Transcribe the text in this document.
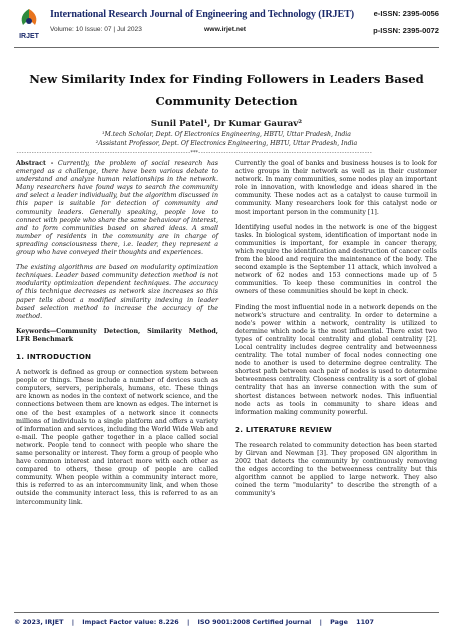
IRJET
International Research Journal of Engineering and Technology (IRJET)	e-ISSN: 2395-0056
Volume: 10 Issue: 07 | Jul 2023	www.irjet.net	p-ISSN: 2395-0072
New Similarity Index for Finding Followers in Leaders Based
Community Detection
Sunil Patel¹, Dr Kumar Gaurav²
¹M.tech Scholar, Dept. Of Electronics Engineering, HBTU, Uttar Pradesh, India
²Assistant Professor, Dept. Of Electronics Engineering, HBTU, Uttar Pradesh, India
---------------------------------------------------------------------***---------------------------------------------------------------------

Abstract - Currently, the problem of social research has emerged as a challenge, there have been various debate to understand and analyze human relationships in the network. Many researchers have found ways to search the community and select a leader individually, but the algorithm discussed in this paper is suitable for detection of community and community leaders. Generally speaking, people love to connect with people who share the same behaviour of interest, and to form communities based on shared ideas. A small number of residents in the community are in charge of spreading consciousness there, i.e. leader, they represent a group who have conveyed their thoughts and experiences.

The existing algorithms are based on modularity optimization techniques. Leader based community detection method is not modularity optimization dependent techniques. The accuracy of this technique decreases as network size increases so this paper tells about a modified similarity indexing in leader based selection method to increase the accuracy of the method.

Keywords—Community Detection, Similarity Method, LFR Benchmark

1. INTRODUCTION

A network is defined as group or connection system between people or things. These include a number of devices such as computers, servers, peripherals, humans, etc. These things are known as nodes in the context of network science, and the connections between them are known as edges. The internet is one of the best examples of a network since it connects millions of individuals to a single platform and offers a variety of information and services, including the World Wide Web and e-mail. The people gather together in a place called social network. People tend to connect with people who share the same personality or interest. They form a group of people who have common interest and interact more with each other as compared to others, these group of people are called community. When people within a community interact more, this is referred to as an intercommunity link, and when those outside the community interact less, this is referred to as an intercommunity link.

Currently the goal of banks and business houses is to look for active groups in their network as well as in their customer network. In many communities, some nodes play an important role in innovation, with knowledge and ideas shared in the community. These nodes act as a catalyst to cause turmoil in community. Many researchers look for this catalyst node or most important person in the community [1].

Identifying useful nodes in the network is one of the biggest tasks. In biological system, identification of important node in communities is important, for example in cancer therapy, which require the identification and destruction of cancer cells from the blood and require the maintenance of the body. The second example is the September 11 attack, which involved a network of 62 nodes and 153 connections made up of 5 communities. To keep these communities in control the owners of these communities should be kept in check.

Finding the most influential node in a network depends on the network's structure and centrality. In order to determine a node's power within a network, centrality is utilized to determine which node is the most influential. There exist two types of centrality local centrality and global centrality [2]. Local centrality includes degree centrality and betweenness centrality. The total number of focal nodes connecting one node to another is used to determine degree centrality. The shortest path between each pair of nodes is used to determine betweenness centrality. Closeness centrality is a sort of global centrality that has an inverse connection with the sum of shortest distances between network nodes. This influential node acts as tools in community to share ideas and information making community powerful.

2. LITERATURE REVIEW

The research related to community detection has been started by Girvan and Newman [3]. They proposed GN algorithm in 2002 that detects the community by continuously removing the edges according to the betweenness centrality but this algorithm cannot be applied to large network. They also coined the term "modularity" to describe the strength of a community's

© 2023, IRJET | Impact Factor value: 8.226 | ISO 9001:2008 Certified Journal | Page 1107
